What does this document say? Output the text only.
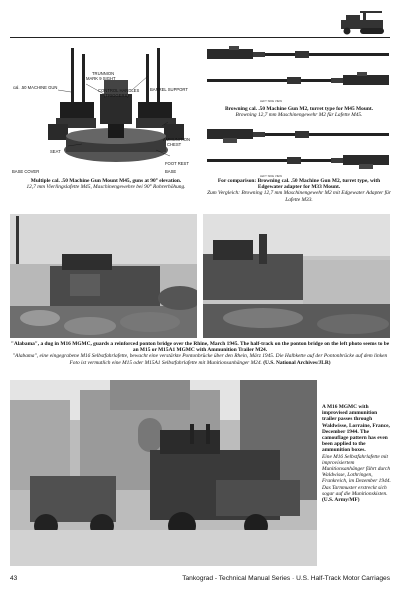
TRUNNION
MARK 9 SIGHT
CONTROL HANDLES
(TRIGGERS)
BARREL SUPPORT
cal. .50 MACHINE GUN
AMMUNITION
CHEST
SEAT
FOOT REST
BASE COVER	BASE
Multiple cal. .50 Machine Gun Mount M45, guns at 90° elevation.
12,7 mm Vierlingslafette M45, Maschinengewehre bei 90° Rohrerhöhung.
LEFT SIDE VIEW
Browning cal. .50 Machine Gun M2, turret type for M45 Mount.
Browning 12,7 mm Maschinengewehr M2 für Lafette M45.
LEFT SIDE VIEW
For comparison: Browning cal. .50 Machine Gun M2, turret type, with Edgewater adapter for M33 Mount.
Zum Vergleich: Browning 12,7 mm Maschinengewehr M2 mit Edgewater Adapter für Lafette M33.
"Alabama", a dug in M16 MGMC, guards a reinforced ponton bridge over the Rhine, March 1945. The half-track on the ponton bridge on the left photo seems to be an M15 or M15A1 MGMC with Ammunition Trailer M24.
"Alabama", eine eingegrabene M16 Selbstfahrlafette, bewacht eine verstärkte Pontonbrücke über den Rhein, März 1945. Die Halbkette auf der Pontonbrücke auf dem linken Foto ist vermutlich eine M15 oder M15A1 Selbstfahrlafette mit Munitionsanhänger M24. (U.S. National Archives/JLR)
A M16 MGMC with improvised ammunition trailer passes through Waldwisse, Lorraine, France, December 1944. The camouflage pattern has even been applied to the ammunition boxes.
Eine M16 Selbstfahrlafette mit improvisiertem Munitionsanhänger fährt durch Waldwisse, Lothringen, Frankreich, im Dezember 1944. Das Tarnmuster erstreckt sich sogar auf die Munitionskisten.
(U.S. Army/MF)
43	Tankograd - Technical Manual Series · U.S. Half-Track Motor Carriages
